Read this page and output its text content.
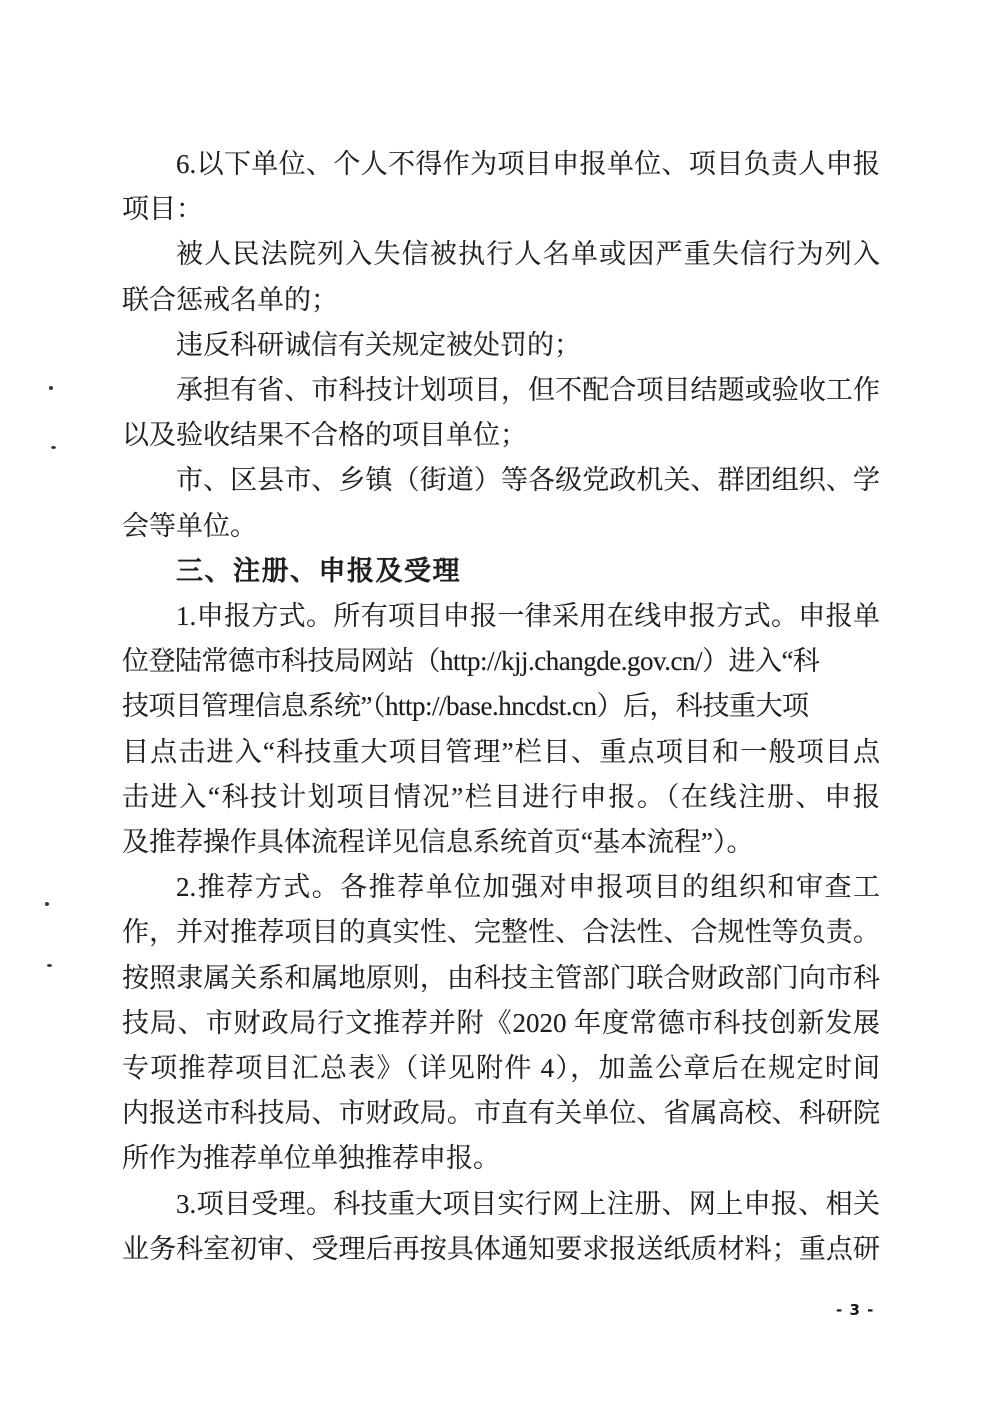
6.以下单位、个人不得作为项目申报单位、项目负责人申报
项目：
被人民法院列入失信被执行人名单或因严重失信行为列入
联合惩戒名单的；
违反科研诚信有关规定被处罚的；
承担有省、市科技计划项目，但不配合项目结题或验收工作
以及验收结果不合格的项目单位；
市、区县市、乡镇（街道）等各级党政机关、群团组织、学
会等单位。
三、注册、申报及受理
1.申报方式。所有项目申报一律采用在线申报方式。申报单
位登陆常德市科技局网站（http://kjj.changde.gov.cn/）进入“科
技项目管理信息系统”（http://base.hncdst.cn）后，科技重大项
目点击进入“科技重大项目管理”栏目、重点项目和一般项目点
击进入“科技计划项目情况”栏目进行申报。（在线注册、申报
及推荐操作具体流程详见信息系统首页“基本流程”）。
2.推荐方式。各推荐单位加强对申报项目的组织和审查工
作，并对推荐项目的真实性、完整性、合法性、合规性等负责。
按照隶属关系和属地原则，由科技主管部门联合财政部门向市科
技局、市财政局行文推荐并附《2020 年度常德市科技创新发展
专项推荐项目汇总表》（详见附件 4），加盖公章后在规定时间
内报送市科技局、市财政局。市直有关单位、省属高校、科研院
所作为推荐单位单独推荐申报。
3.项目受理。科技重大项目实行网上注册、网上申报、相关
业务科室初审、受理后再按具体通知要求报送纸质材料；重点研
- 3 -
